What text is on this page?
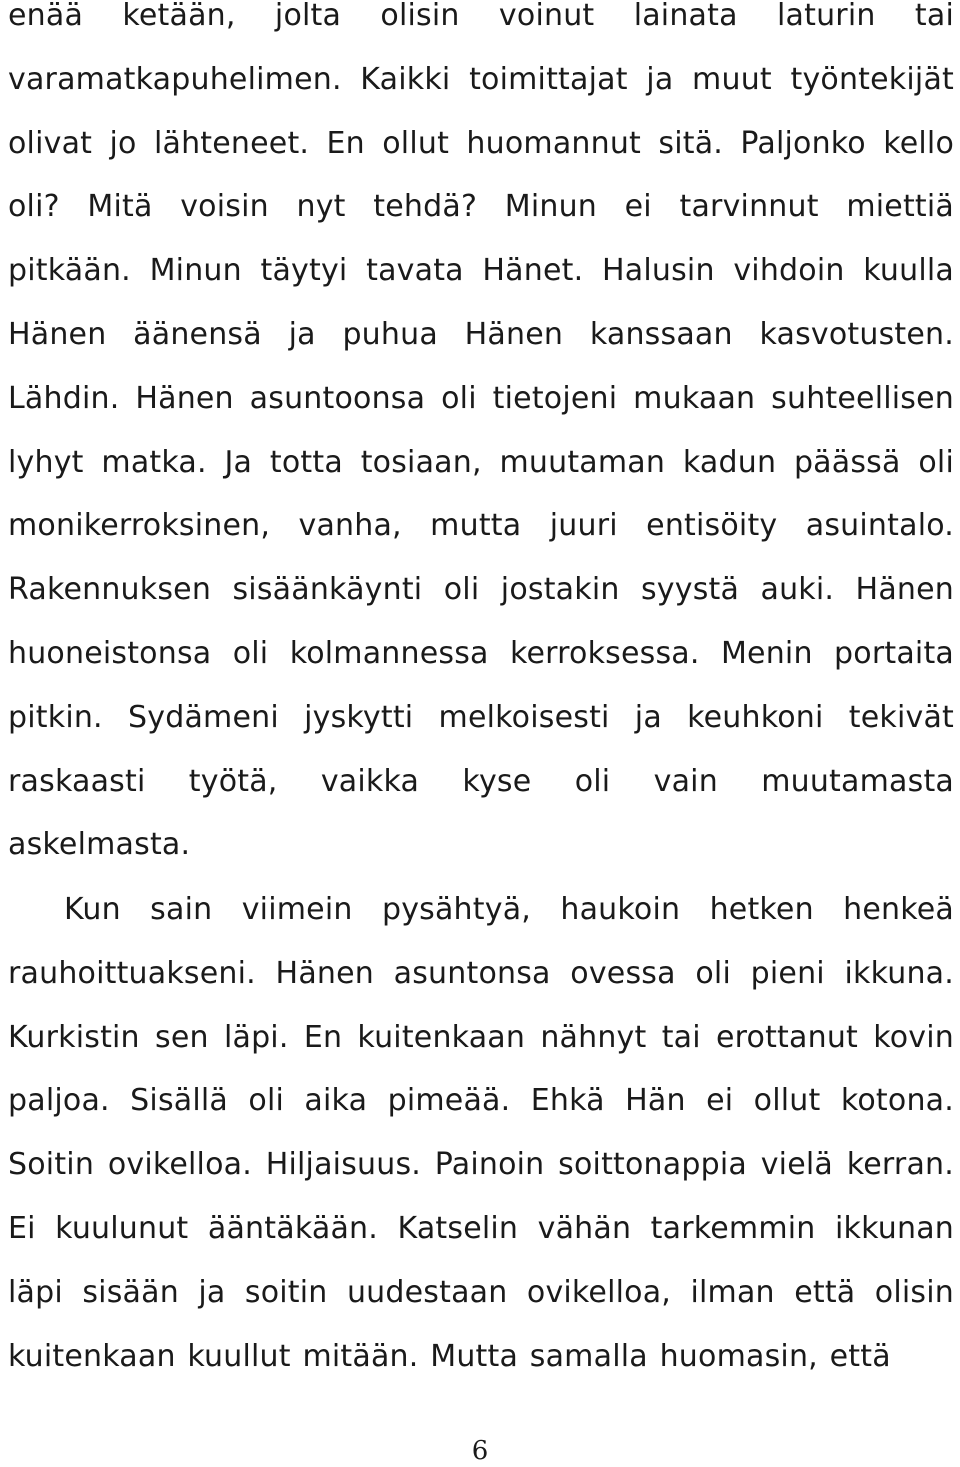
enää ketään, jolta olisin voinut lainata laturin tai varamatkapuhelimen. Kaikki toimittajat ja muut työntekijät olivat jo lähteneet. En ollut huomannut sitä. Paljonko kello oli? Mitä voisin nyt tehdä? Minun ei tarvinnut miettiä pitkään. Minun täytyi tavata Hänet. Halusin vihdoin kuulla Hänen äänensä ja puhua Hänen kanssaan kasvotusten. Lähdin. Hänen asuntoonsa oli tietojeni mukaan suhteellisen lyhyt matka. Ja totta tosiaan, muutaman kadun päässä oli monikerroksinen, vanha, mutta juuri entisöity asuintalo. Rakennuksen sisäänkäynti oli jostakin syystä auki. Hänen huoneistonsa oli kolmannessa kerroksessa. Menin portaita pitkin. Sydämeni jyskytti melkoisesti ja keuhkoni tekivät raskaasti työtä, vaikka kyse oli vain muutamasta askelmasta.
Kun sain viimein pysähtyä, haukoin hetken henkeä rauhoittuakseni. Hänen asuntonsa ovessa oli pieni ikkuna. Kurkistin sen läpi. En kuitenkaan nähnyt tai erottanut kovin paljoa. Sisällä oli aika pimeää. Ehkä Hän ei ollut kotona. Soitin ovikelloa. Hiljaisuus. Painoin soittonappia vielä kerran. Ei kuulunut ääntäkään. Katselin vähän tarkemmin ikkunan läpi sisään ja soitin uudestaan ovikelloa, ilman että olisin kuitenkaan kuullut mitään. Mutta samalla huomasin, että
6
